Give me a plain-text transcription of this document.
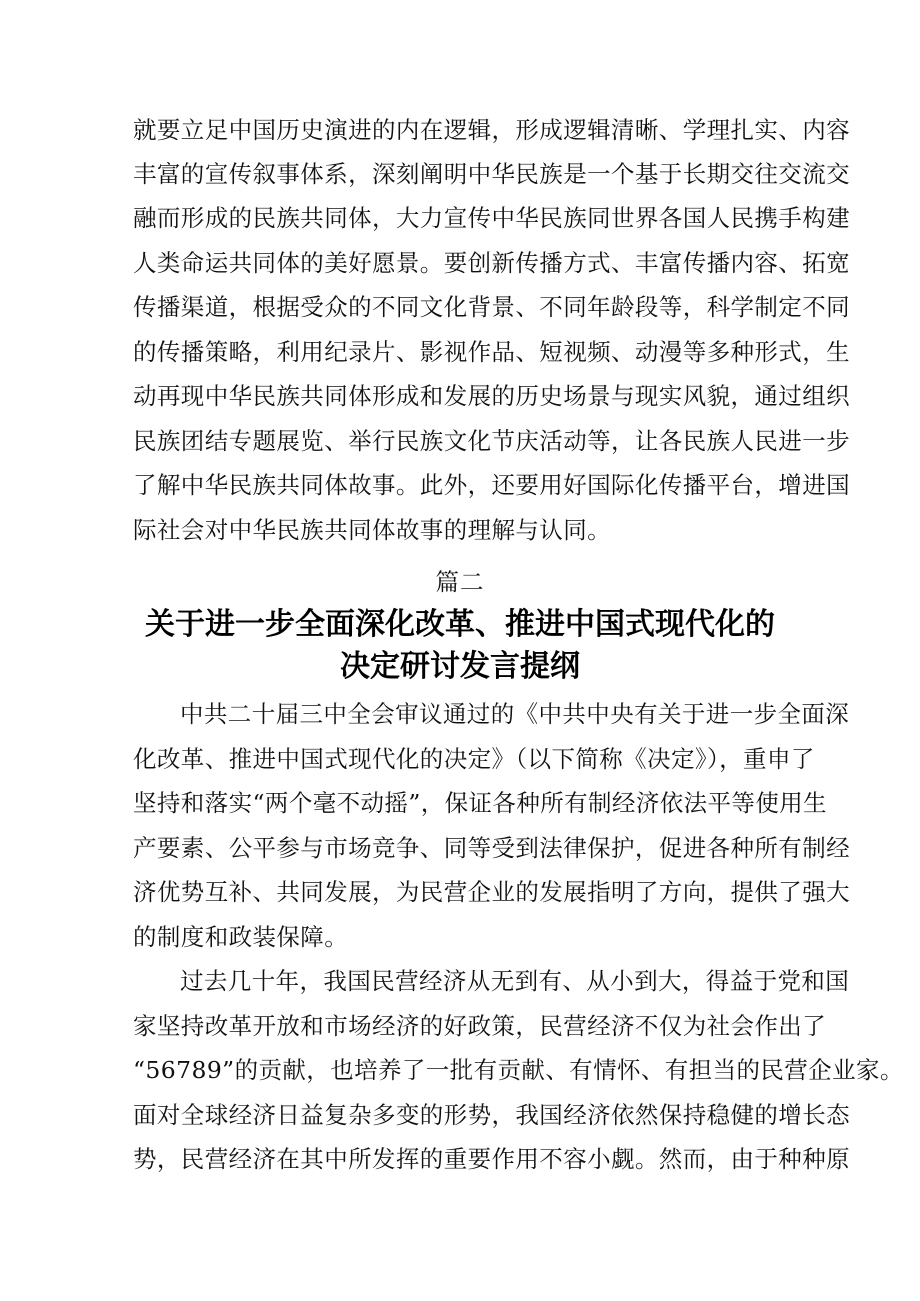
就要立足中国历史演进的内在逻辑，形成逻辑清晰、学理扎实、内容
丰富的宣传叙事体系，深刻阐明中华民族是一个基于长期交往交流交
融而形成的民族共同体，大力宣传中华民族同世界各国人民携手构建
人类命运共同体的美好愿景。要创新传播方式、丰富传播内容、拓宽
传播渠道，根据受众的不同文化背景、不同年龄段等，科学制定不同
的传播策略，利用纪录片、影视作品、短视频、动漫等多种形式，生
动再现中华民族共同体形成和发展的历史场景与现实风貌，通过组织
民族团结专题展览、举行民族文化节庆活动等，让各民族人民进一步
了解中华民族共同体故事。此外，还要用好国际化传播平台，增进国
际社会对中华民族共同体故事的理解与认同。
篇二
关于进一步全面深化改革、推进中国式现代化的
决定研讨发言提纲
中共二十届三中全会审议通过的《中共中央有关于进一步全面深
化改革、推进中国式现代化的决定》（以下简称《决定》），重申了
坚持和落实“两个毫不动摇”，保证各种所有制经济依法平等使用生
产要素、公平参与市场竞争、同等受到法律保护，促进各种所有制经
济优势互补、共同发展，为民营企业的发展指明了方向，提供了强大
的制度和政装保障。
过去几十年，我国民营经济从无到有、从小到大，得益于党和国
家坚持改革开放和市场经济的好政策，民营经济不仅为社会作出了
“56789”的贡献，也培养了一批有贡献、有情怀、有担当的民营企业家。
面对全球经济日益复杂多变的形势，我国经济依然保持稳健的增长态
势，民营经济在其中所发挥的重要作用不容小觑。然而，由于种种原
